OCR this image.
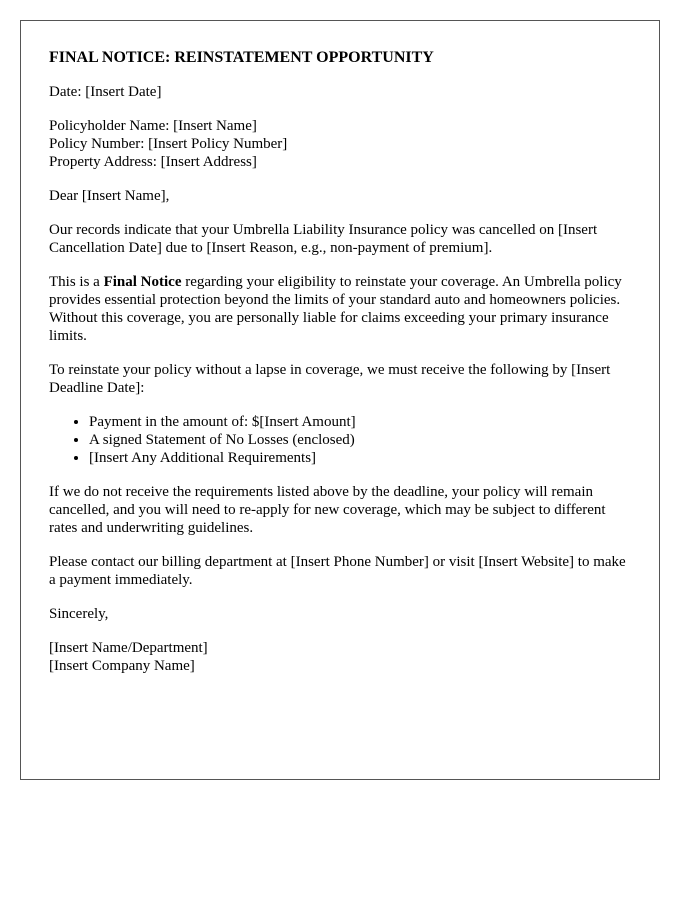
FINAL NOTICE: REINSTATEMENT OPPORTUNITY

Date: [Insert Date]

Policyholder Name: [Insert Name]
Policy Number: [Insert Policy Number]
Property Address: [Insert Address]

Dear [Insert Name],

Our records indicate that your Umbrella Liability Insurance policy was cancelled on [Insert Cancellation Date] due to [Insert Reason, e.g., non-payment of premium].

This is a Final Notice regarding your eligibility to reinstate your coverage. An Umbrella policy provides essential protection beyond the limits of your standard auto and homeowners policies. Without this coverage, you are personally liable for claims exceeding your primary insurance limits.

To reinstate your policy without a lapse in coverage, we must receive the following by [Insert Deadline Date]:

• Payment in the amount of: $[Insert Amount]
• A signed Statement of No Losses (enclosed)
• [Insert Any Additional Requirements]

If we do not receive the requirements listed above by the deadline, your policy will remain cancelled, and you will need to re-apply for new coverage, which may be subject to different rates and underwriting guidelines.

Please contact our billing department at [Insert Phone Number] or visit [Insert Website] to make a payment immediately.

Sincerely,

[Insert Name/Department]
[Insert Company Name]
